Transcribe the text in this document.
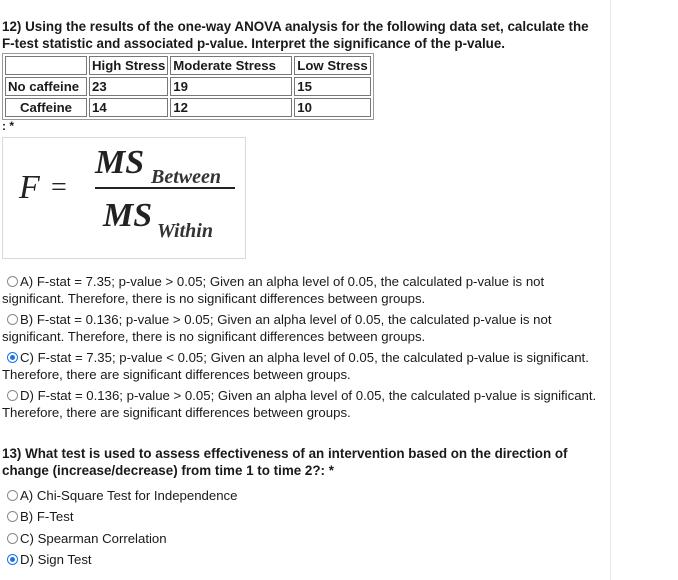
12) Using the results of the one-way ANOVA analysis for the following data set, calculate the F-test statistic and associated p-value. Interpret the significance of the p-value.
	High Stress	Moderate Stress	Low Stress
No caffeine	23	19	15
Caffeine	14	12	10
: *
F =
MS Between
MS Within
A) F-stat = 7.35; p-value > 0.05; Given an alpha level of 0.05, the calculated p-value is not significant. Therefore, there is no significant differences between groups.
B) F-stat = 0.136; p-value > 0.05; Given an alpha level of 0.05, the calculated p-value is not significant. Therefore, there is no significant differences between groups.
C) F-stat = 7.35; p-value < 0.05; Given an alpha level of 0.05, the calculated p-value is significant. Therefore, there are significant differences between groups.
D) F-stat = 0.136; p-value > 0.05; Given an alpha level of 0.05, the calculated p-value is significant. Therefore, there are significant differences between groups.
13) What test is used to assess effectiveness of an intervention based on the direction of change (increase/decrease) from time 1 to time 2?: *
A) Chi-Square Test for Independence
B) F-Test
C) Spearman Correlation
D) Sign Test
